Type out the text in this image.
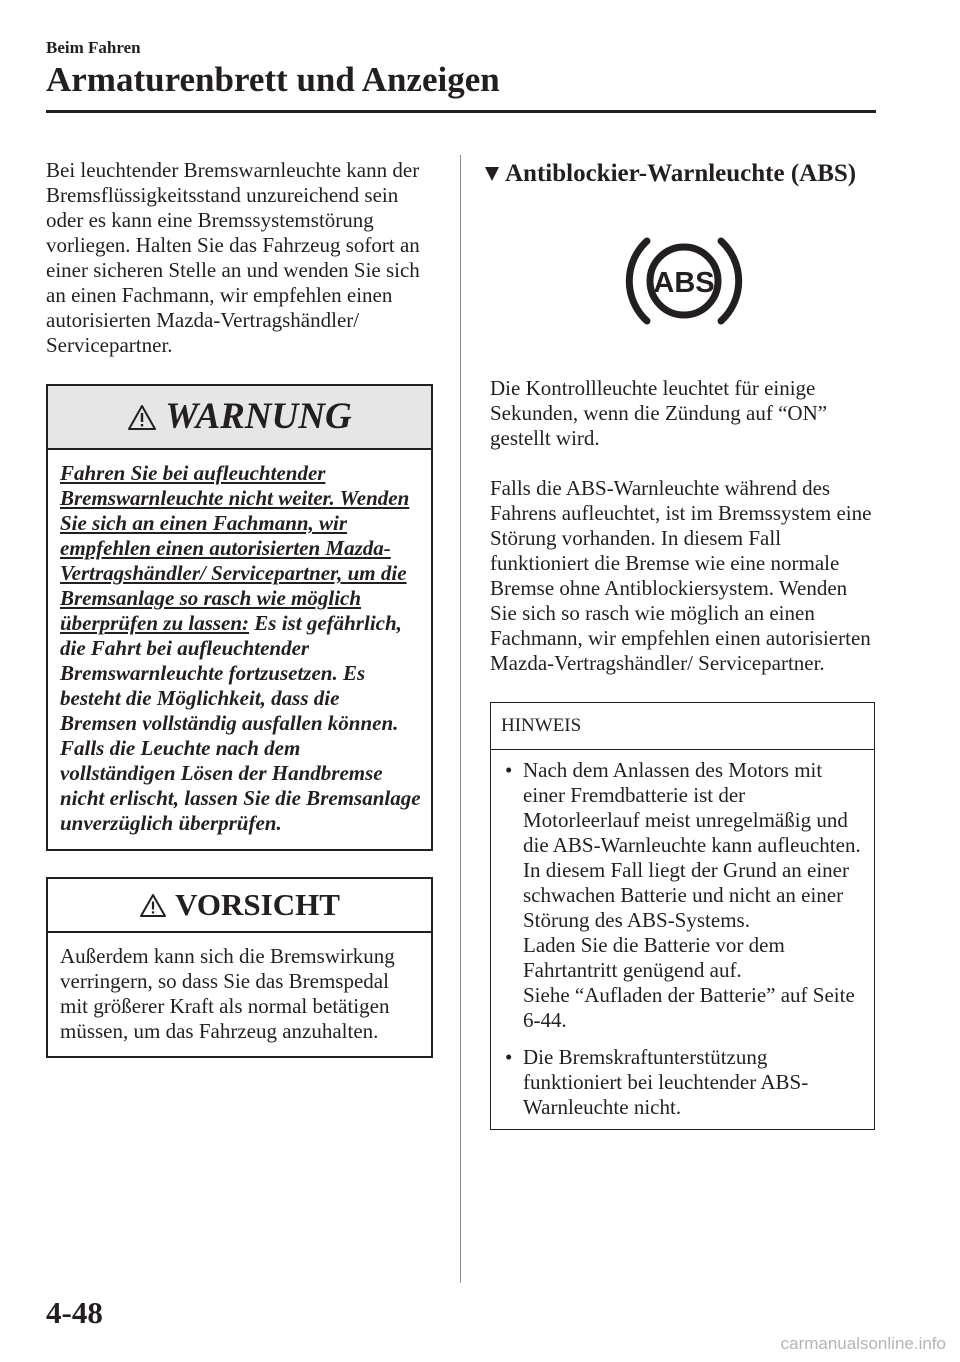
Beim Fahren
Armaturenbrett und Anzeigen

Bei leuchtender Bremswarnleuchte kann der Bremsflüssigkeitsstand unzureichend sein oder es kann eine Bremssystemstörung vorliegen. Halten Sie das Fahrzeug sofort an einer sicheren Stelle an und wenden Sie sich an einen Fachmann, wir empfehlen einen autorisierten Mazda-Vertragshändler/ Servicepartner.

WARNUNG
Fahren Sie bei aufleuchtender Bremswarnleuchte nicht weiter. Wenden Sie sich an einen Fachmann, wir empfehlen einen autorisierten Mazda-Vertragshändler/ Servicepartner, um die Bremsanlage so rasch wie möglich überprüfen zu lassen: Es ist gefährlich, die Fahrt bei aufleuchtender Bremswarnleuchte fortzusetzen. Es besteht die Möglichkeit, dass die Bremsen vollständig ausfallen können. Falls die Leuchte nach dem vollständigen Lösen der Handbremse nicht erlischt, lassen Sie die Bremsanlage unverzüglich überprüfen.
VORSICHT
Außerdem kann sich die Bremswirkung verringern, so dass Sie das Bremspedal mit größerer Kraft als normal betätigen müssen, um das Fahrzeug anzuhalten.
Antiblockier-Warnleuchte (ABS)
ABS

Die Kontrollleuchte leuchtet für einige Sekunden, wenn die Zündung auf “ON” gestellt wird.

Falls die ABS-Warnleuchte während des Fahrens aufleuchtet, ist im Bremssystem eine Störung vorhanden. In diesem Fall funktioniert die Bremse wie eine normale Bremse ohne Antiblockiersystem. Wenden Sie sich so rasch wie möglich an einen Fachmann, wir empfehlen einen autorisierten Mazda-Vertragshändler/ Servicepartner.

HINWEIS
• Nach dem Anlassen des Motors mit einer Fremdbatterie ist der Motorleerlauf meist unregelmäßig und die ABS-Warnleuchte kann aufleuchten. In diesem Fall liegt der Grund an einer schwachen Batterie und nicht an einer Störung des ABS-Systems.
Laden Sie die Batterie vor dem Fahrtantritt genügend auf.
Siehe “Aufladen der Batterie” auf Seite 6-44.
• Die Bremskraftunterstützung funktioniert bei leuchtender ABS-Warnleuchte nicht.
4-48
carmanualsonline.info
